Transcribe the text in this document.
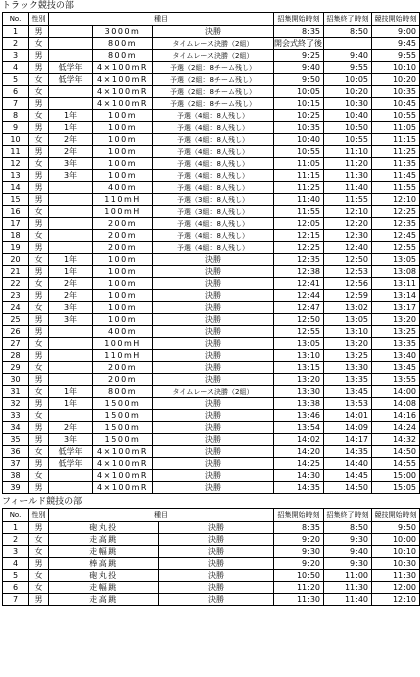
トラック競技の部
No.	性別	種目			招集開始時刻	招集終了時刻	競技開始時刻
1	男		3000m	決勝	8:35	8:50	9:00
2	女		800m	タイムレース決勝（2組）	開会式終了後		9:45
3	男		800m	タイムレース決勝（2組）	9:25	9:40	9:55
4	男	低学年	4×100mR	予選（2組：8チーム残し）	9:40	9:55	10:10
5	女	低学年	4×100mR	予選（2組：8チーム残し）	9:50	10:05	10:20
6	女		4×100mR	予選（2組：8チーム残し）	10:05	10:20	10:35
7	男		4×100mR	予選（2組：8チーム残し）	10:15	10:30	10:45
8	女	1年	100m	予選（4組：8人残し）	10:25	10:40	10:55
9	男	1年	100m	予選（4組：8人残し）	10:35	10:50	11:05
10	女	2年	100m	予選（4組：8人残し）	10:40	10:55	11:15
11	男	2年	100m	予選（4組：8人残し）	10:55	11:10	11:25
12	女	3年	100m	予選（4組：8人残し）	11:05	11:20	11:35
13	男	3年	100m	予選（4組：8人残し）	11:15	11:30	11:45
14	男		400m	予選（4組：8人残し）	11:25	11:40	11:55
15	男		110mH	予選（3組：8人残し）	11:40	11:55	12:10
16	女		100mH	予選（3組：8人残し）	11:55	12:10	12:25
17	男		200m	予選（4組：8人残し）	12:05	12:20	12:35
18	女		200m	予選（4組：8人残し）	12:15	12:30	12:45
19	男		200m	予選（4組：8人残し）	12:25	12:40	12:55
20	女	1年	100m	決勝	12:35	12:50	13:05
21	男	1年	100m	決勝	12:38	12:53	13:08
22	女	2年	100m	決勝	12:41	12:56	13:11
23	男	2年	100m	決勝	12:44	12:59	13:14
24	女	3年	100m	決勝	12:47	13:02	13:17
25	男	3年	100m	決勝	12:50	13:05	13:20
26	男		400m	決勝	12:55	13:10	13:25
27	女		100mH	決勝	13:05	13:20	13:35
28	男		110mH	決勝	13:10	13:25	13:40
29	女		200m	決勝	13:15	13:30	13:45
30	男		200m	決勝	13:20	13:35	13:55
31	女	1年	800m	タイムレース決勝（2組）	13:30	13:45	14:00
32	男	1年	1500m	決勝	13:38	13:53	14:08
33	女		1500m	決勝	13:46	14:01	14:16
34	男	2年	1500m	決勝	13:54	14:09	14:24
35	男	3年	1500m	決勝	14:02	14:17	14:32
36	女	低学年	4×100mR	決勝	14:20	14:35	14:50
37	男	低学年	4×100mR	決勝	14:25	14:40	14:55
38	女		4×100mR	決勝	14:30	14:45	15:00
39	男		4×100mR	決勝	14:35	14:50	15:05
フィールド競技の部
No.	性別	種目		招集開始時刻	招集終了時刻	競技開始時刻
1	男	砲丸投	決勝	8:35	8:50	9:50
2	女	走高跳	決勝	9:20	9:30	10:00
3	女	走幅跳	決勝	9:30	9:40	10:10
4	男	棒高跳	決勝	9:20	9:30	10:30
5	女	砲丸投	決勝	10:50	11:00	11:30
6	女	走幅跳	決勝	11:20	11:30	12:00
7	男	走高跳	決勝	11:30	11:40	12:10
